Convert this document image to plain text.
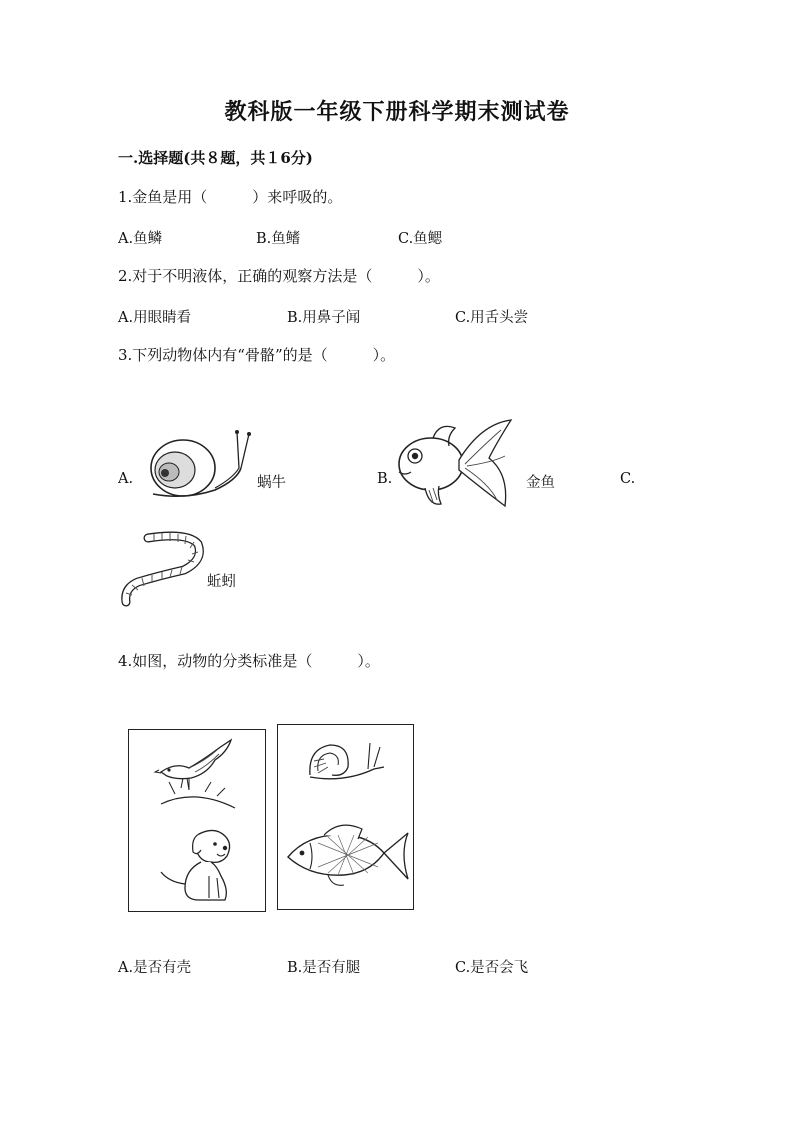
教科版一年级下册科学期末测试卷
一.选择题(共８题，共１6分)
1.金鱼是用（　　　）来呼吸的。
A.鱼鳞	B.鱼鳍	C.鱼鳃
2.对于不明液体，正确的观察方法是（　　　）。
A.用眼睛看	B.用鼻子闻	C.用舌头尝
3.下列动物体内有“骨骼”的是（　　　）。
A.	蜗牛	B.	金鱼	C.
蚯蚓
4.如图，动物的分类标准是（　　　）。
A.是否有壳	B.是否有腿	C.是否会飞
